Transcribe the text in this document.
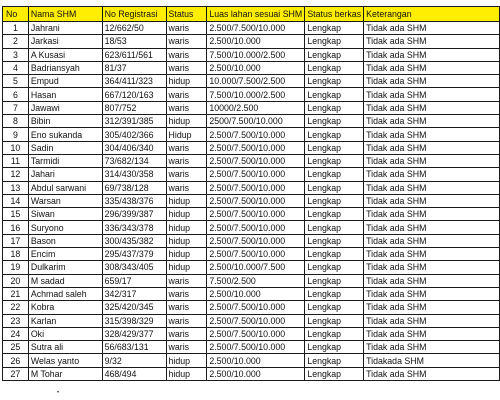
No	Nama SHM	No Registrasi	Status	Luas lahan sesuai SHM	Status berkas	Keterangan
1	Jahrani	12/662/50	waris	2.500/7.500/10.000	Lengkap	Tidak ada SHM
2	Jarkasi	18/53	waris	2.500/10.000	Lengkap	Tidak ada SHM
3	A Kusasi	623/611/561	waris	7.500/10.000/2.500	Lengkap	Tidak ada SHM
4	Badriansyah	81/37	waris	2.500/10.000	Lengkap	Tidak ada SHM
5	Empud	364/411/323	hidup	10.000/7.500/2.500	Lengkap	Tidak ada SHM
6	Hasan	667/120/163	waris	7.500/10.000/2.500	Lengkap	Tidak ada SHM
7	Jawawi	807/752	waris	10000/2.500	Lengkap	Tidak ada SHM
8	Bibin	312/391/385	hidup	2500/7.500/10.000	Lengkap	Tidak ada SHM
9	Eno sukanda	305/402/366	Hidup	2.500/7.500/10.000	Lengkap	Tidak ada SHM
10	Sadin	304/406/340	waris	2.500/7.500/10.000	Lengkap	Tidak ada SHM
11	Tarmidi	73/682/134	waris	2.500/7.500/10.000	Lengkap	Tidak ada SHM
12	Jahari	314/430/358	waris	2.500/7.500/10.000	Lengkap	Tidak ada SHM
13	Abdul sarwani	69/738/128	waris	2.500/7.500/10.000	Lengkap	Tidak ada SHM
14	Warsan	335/438/376	hidup	2.500/7.500/10.000	Lengkap	Tidak ada SHM
15	Siwan	296/399/387	hidup	2.500/7.500/10.000	Lengkap	Tidak ada SHM
16	Suryono	336/343/378	hidup	2.500/7.500/10.000	Lengkap	Tidak ada SHM
17	Bason	300/435/382	hidup	2.500/7.500/10.000	Lengkap	Tidak ada SHM
18	Encim	295/437/379	hidup	2.500/7.500/10.000	Lengkap	Tidak ada SHM
19	Dulkarim	308/343/405	hidup	2.500/10.000/7.500	Lengkap	Tidak ada SHM
20	M sadad	659/17	waris	7.500/2.500	Lengkap	Tidak ada SHM
21	Achmad saleh	342/317	waris	2.500/10.000	Lengkap	Tidak ada SHM
22	Kobra	325/420/345	waris	2.500/7.500/10.000	Lengkap	Tidak ada SHM
23	Karlan	315/398/329	waris	2.500/7.500/10.000	Lengkap	Tidak ada SHM
24	Oki	328/429/377	waris	2.500/7.500/10.000	Lengkap	Tidak ada SHM
25	Sutra ali	56/683/131	waris	2.500/7.500/10.000	Lengkap	Tidak ada SHM
26	Welas yanto	9/32	hidup	2.500/10.000	Lengkap	Tidakada SHM
27	M Tohar	468/494	hidup	2.500/10.000	Lengkap	Tidak ada SHM
•
